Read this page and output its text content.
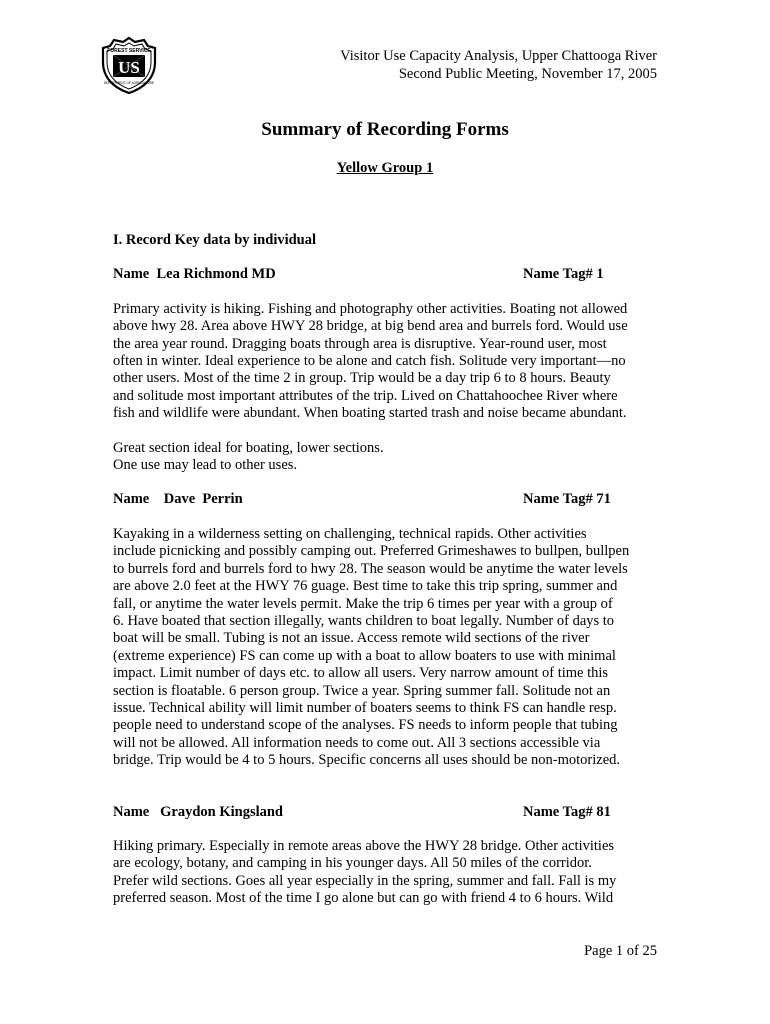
US
FOREST SERVICE
DEPARTMENT OF AGRICULTURE
Visitor Use Capacity Analysis, Upper Chattooga River
Second Public Meeting, November 17, 2005
Summary of Recording Forms
Yellow Group 1
I. Record Key data by individual
Name  Lea Richmond MD	Name Tag# 1
Primary activity is hiking. Fishing and photography other activities. Boating not allowed
above hwy 28. Area above HWY 28 bridge, at big bend area and burrels ford. Would use
the area year round. Dragging boats through area is disruptive. Year-round user, most
often in winter. Ideal experience to be alone and catch fish. Solitude very important—no
other users. Most of the time 2 in group. Trip would be a day trip 6 to 8 hours. Beauty
and solitude most important attributes of the trip. Lived on Chattahoochee River where
fish and wildlife were abundant. When boating started trash and noise became abundant.
Great section ideal for boating, lower sections.
One use may lead to other uses.
Name    Dave  Perrin	Name Tag# 71
Kayaking in a wilderness setting on challenging, technical rapids. Other activities
include picnicking and possibly camping out. Preferred Grimeshawes to bullpen, bullpen
to burrels ford and burrels ford to hwy 28. The season would be anytime the water levels
are above 2.0 feet at the HWY 76 guage. Best time to take this trip spring, summer and
fall, or anytime the water levels permit. Make the trip 6 times per year with a group of
6. Have boated that section illegally, wants children to boat legally. Number of days to
boat will be small. Tubing is not an issue. Access remote wild sections of the river
(extreme experience) FS can come up with a boat to allow boaters to use with minimal
impact. Limit number of days etc. to allow all users. Very narrow amount of time this
section is floatable. 6 person group. Twice a year. Spring summer fall. Solitude not an
issue. Technical ability will limit number of boaters seems to think FS can handle resp.
people need to understand scope of the analyses. FS needs to inform people that tubing
will not be allowed. All information needs to come out. All 3 sections accessible via
bridge. Trip would be 4 to 5 hours. Specific concerns all uses should be non-motorized.
Name   Graydon Kingsland	Name Tag# 81
Hiking primary. Especially in remote areas above the HWY 28 bridge. Other activities
are ecology, botany, and camping in his younger days. All 50 miles of the corridor.
Prefer wild sections. Goes all year especially in the spring, summer and fall. Fall is my
preferred season. Most of the time I go alone but can go with friend 4 to 6 hours. Wild
Page 1 of 25
